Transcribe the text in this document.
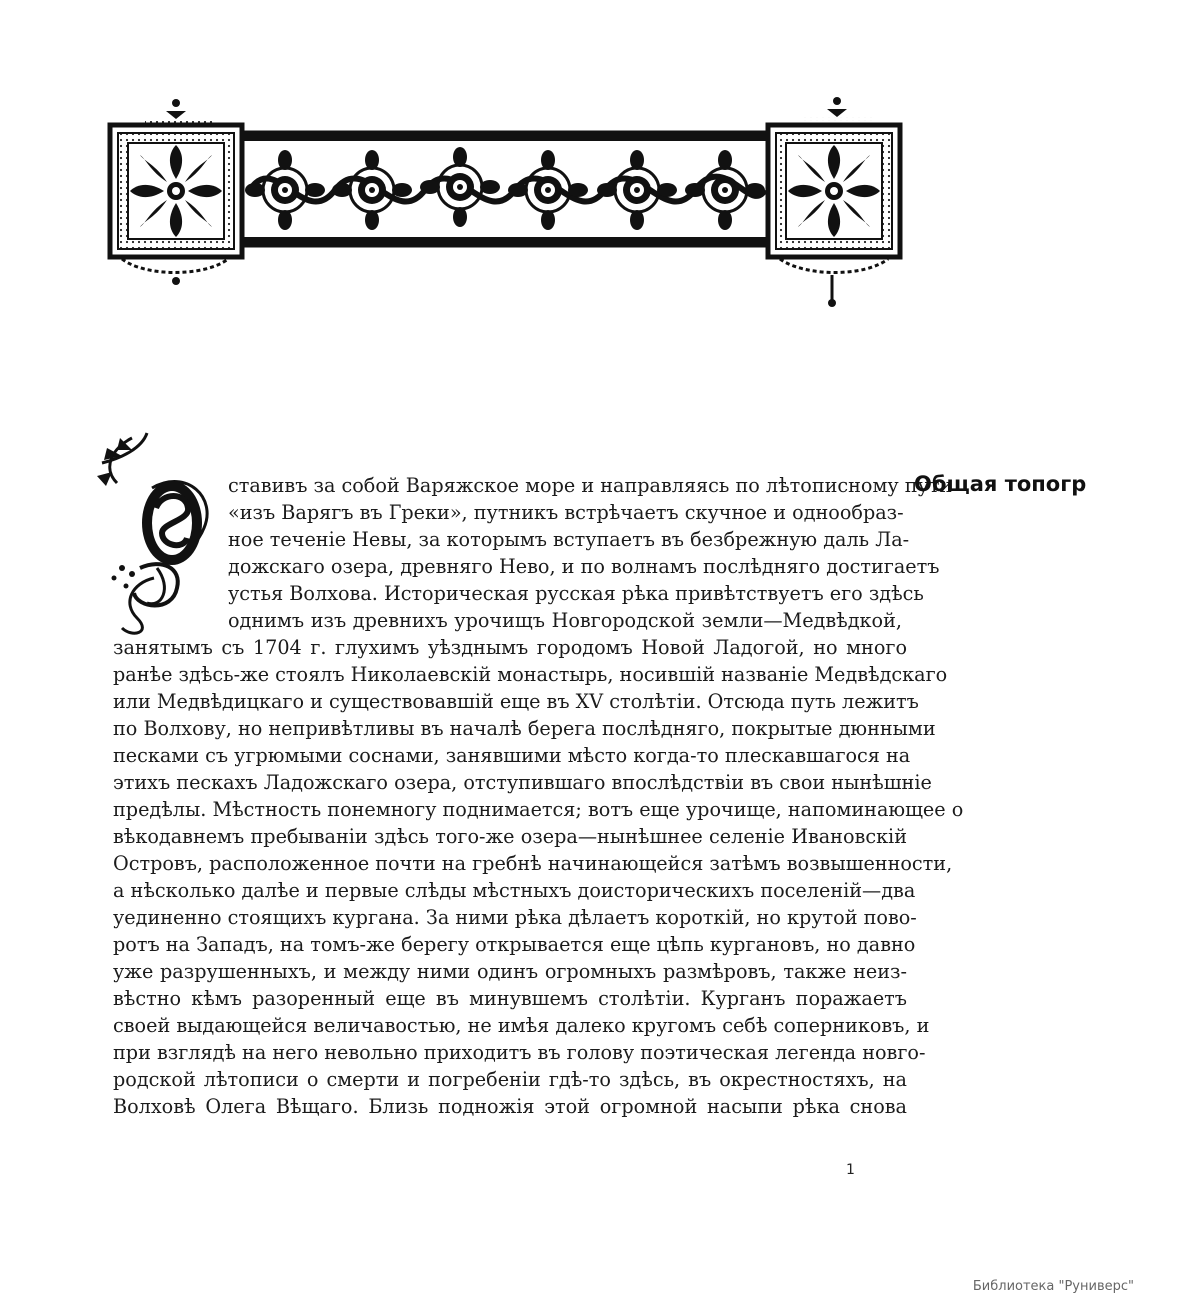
ставивъ за собой Варяжское море и направляясь по лѣтописному пути
«изъ Варягъ въ Греки», путникъ встрѣчаетъ скучное и однообраз-
ное теченіе Невы, за которымъ вступаетъ въ безбрежную даль Ла-
дожскаго озера, древняго Нево, и по волнамъ послѣдняго достигаетъ
устья Волхова. Историческая русская рѣка привѣтствуетъ его здѣсь
однимъ изъ древнихъ урочищъ Новгородской земли—Медвѣдкой,
занятымъ съ 1704 г. глухимъ уѣзднымъ городомъ Новой Ладогой, но много
ранѣе здѣсь-же стоялъ Николаевскій монастырь, носившій названіе Медвѣдскаго
или Медвѣдицкаго и существовавшій еще въ XV столѣтіи. Отсюда путь лежитъ
по Волхову, но непривѣтливы въ началѣ берега послѣдняго, покрытые дюнными
песками съ угрюмыми соснами, занявшими мѣсто когда-то плескавшагося на
этихъ пескахъ Ладожскаго озера, отступившаго впослѣдствіи въ свои нынѣшніе
предѣлы. Мѣстность понемногу поднимается; вотъ еще урочище, напоминающее о
вѣкодавнемъ пребываніи здѣсь того-же озера—нынѣшнее селеніе Ивановскій
Островъ, расположенное почти на гребнѣ начинающейся затѣмъ возвышенности,
а нѣсколько далѣе и первые слѣды мѣстныхъ доисторическихъ поселеній—два
уединенно стоящихъ кургана. За ними рѣка дѣлаетъ короткій, но крутой пово-
ротъ на Западъ, на томъ-же берегу открывается еще цѣпь кургановъ, но давно
уже разрушенныхъ, и между ними одинъ огромныхъ размѣровъ, также неиз-
вѣстно кѣмъ разоренный еще въ минувшемъ столѣтіи. Курганъ поражаетъ
своей выдающейся величавостью, не имѣя далеко кругомъ себѣ соперниковъ, и
при взглядѣ на него невольно приходитъ въ голову поэтическая легенда новго-
родской лѣтописи о смерти и погребеніи гдѣ-то здѣсь, въ окрестностяхъ, на
Волховѣ Олега Вѣщаго. Близь подножія этой огромной насыпи рѣка снова
Общая топогр
1
Библиотека "Руниверс"
